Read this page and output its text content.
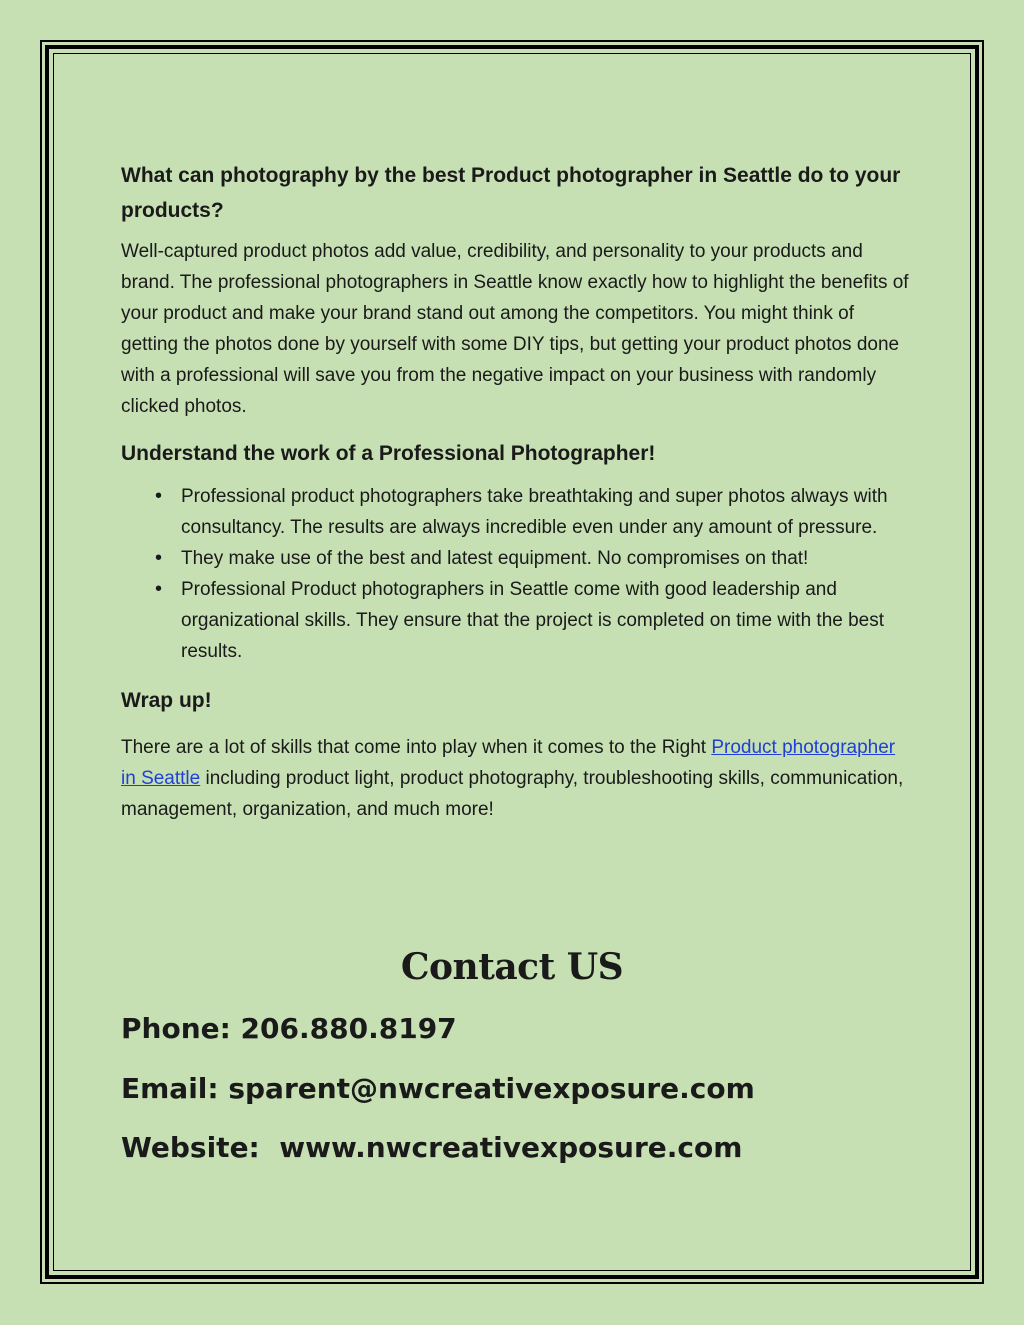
What can photography by the best Product photographer in Seattle do to your products?

Well-captured product photos add value, credibility, and personality to your products and brand. The professional photographers in Seattle know exactly how to highlight the benefits of your product and make your brand stand out among the competitors. You might think of getting the photos done by yourself with some DIY tips, but getting your product photos done with a professional will save you from the negative impact on your business with randomly clicked photos.

Understand the work of a Professional Photographer!
• Professional product photographers take breathtaking and super photos always with consultancy. The results are always incredible even under any amount of pressure.
• They make use of the best and latest equipment. No compromises on that!
• Professional Product photographers in Seattle come with good leadership and organizational skills. They ensure that the project is completed on time with the best results.
Wrap up!

There are a lot of skills that come into play when it comes to the Right Product photographer in Seattle including product light, product photography, troubleshooting skills, communication, management, organization, and much more!

Contact US
Phone: 206.880.8197
Email: sparent@nwcreativexposure.com
Website:  www.nwcreativexposure.com
